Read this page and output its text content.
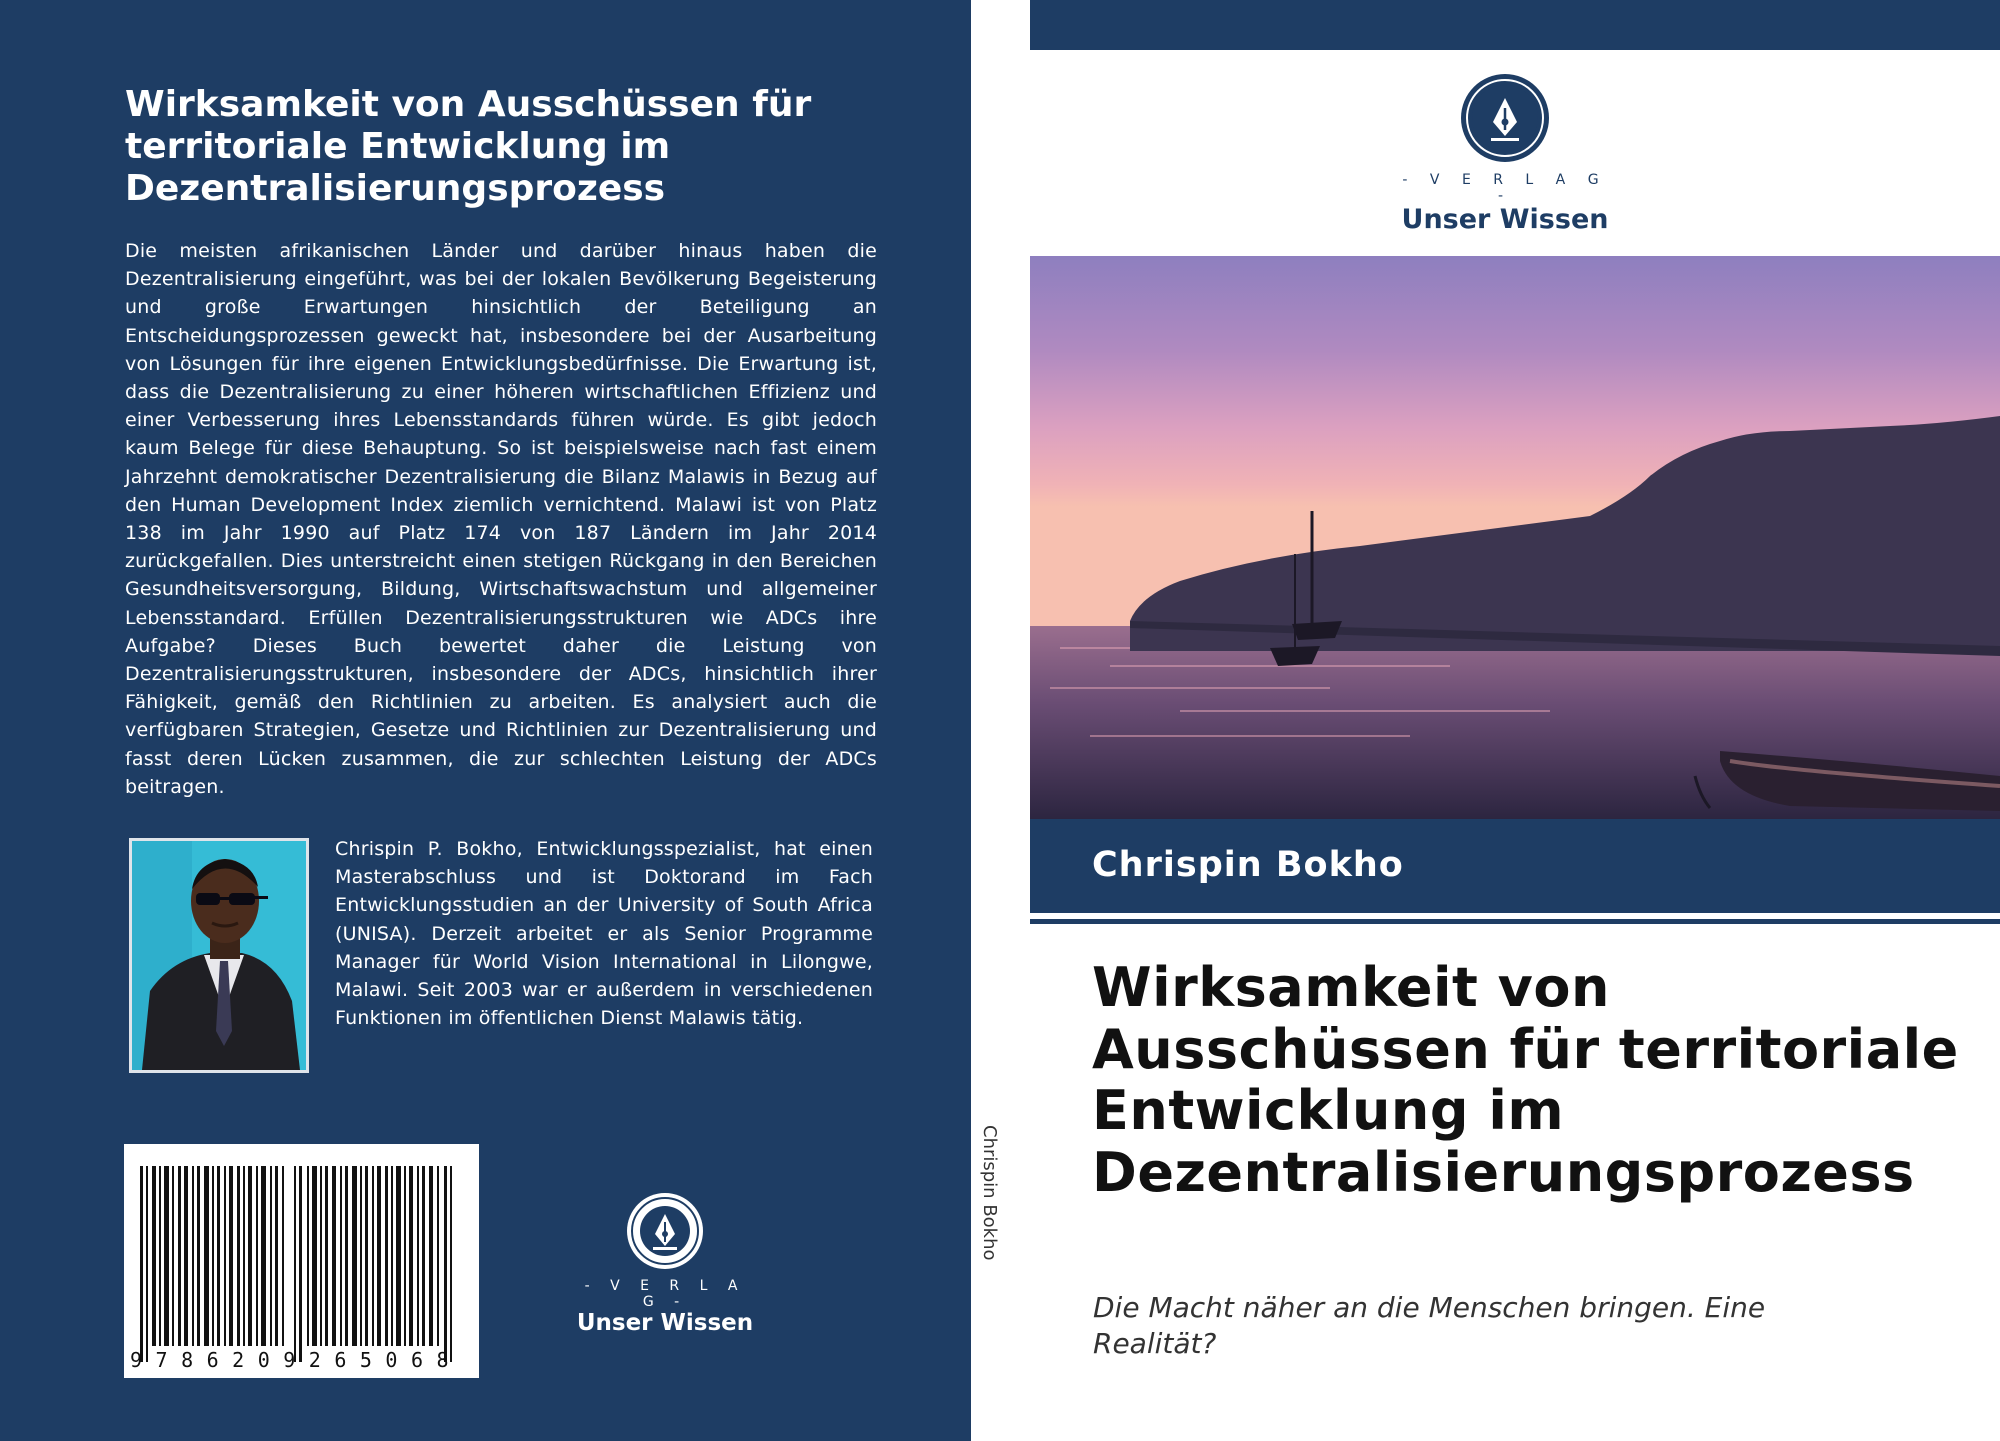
Wirksamkeit von Ausschüssen für territoriale Entwicklung im Dezentralisierungsprozess

Die meisten afrikanischen Länder und darüber hinaus haben die Dezentralisierung eingeführt, was bei der lokalen Bevölkerung Begeisterung und große Erwartungen hinsichtlich der Beteiligung an Entscheidungsprozessen geweckt hat, insbesondere bei der Ausarbeitung von Lösungen für ihre eigenen Entwicklungsbedürfnisse. Die Erwartung ist, dass die Dezentralisierung zu einer höheren wirtschaftlichen Effizienz und einer Verbesserung ihres Lebensstandards führen würde. Es gibt jedoch kaum Belege für diese Behauptung. So ist beispielsweise nach fast einem Jahrzehnt demokratischer Dezentralisierung die Bilanz Malawis in Bezug auf den Human Development Index ziemlich vernichtend. Malawi ist von Platz 138 im Jahr 1990 auf Platz 174 von 187 Ländern im Jahr 2014 zurückgefallen. Dies unterstreicht einen stetigen Rückgang in den Bereichen Gesundheitsversorgung, Bildung, Wirtschaftswachstum und allgemeiner Lebensstandard. Erfüllen Dezentralisierungsstrukturen wie ADCs ihre Aufgabe? Dieses Buch bewertet daher die Leistung von Dezentralisierungsstrukturen, insbesondere der ADCs, hinsichtlich ihrer Fähigkeit, gemäß den Richtlinien zu arbeiten. Es analysiert auch die verfügbaren Strategien, Gesetze und Richtlinien zur Dezentralisierung und fasst deren Lücken zusammen, die zur schlechten Leistung der ADCs beitragen.

Chrispin P. Bokho, Entwicklungsspezialist, hat einen Masterabschluss und ist Doktorand im Fach Entwicklungsstudien an der University of South Africa (UNISA). Derzeit arbeitet er als Senior Programme Manager für World Vision International in Lilongwe, Malawi. Seit 2003 war er außerdem in verschiedenen Funktionen im öffentlichen Dienst Malawis tätig.

9786209265068
- V E R L A G -
Unser Wissen
Chrispin Bokho
- V E R L A G -
Unser Wissen
Chrispin Bokho
Wirksamkeit von Ausschüssen für territoriale Entwicklung im Dezentralisierungsprozess

Die Macht näher an die Menschen bringen. Eine Realität?
